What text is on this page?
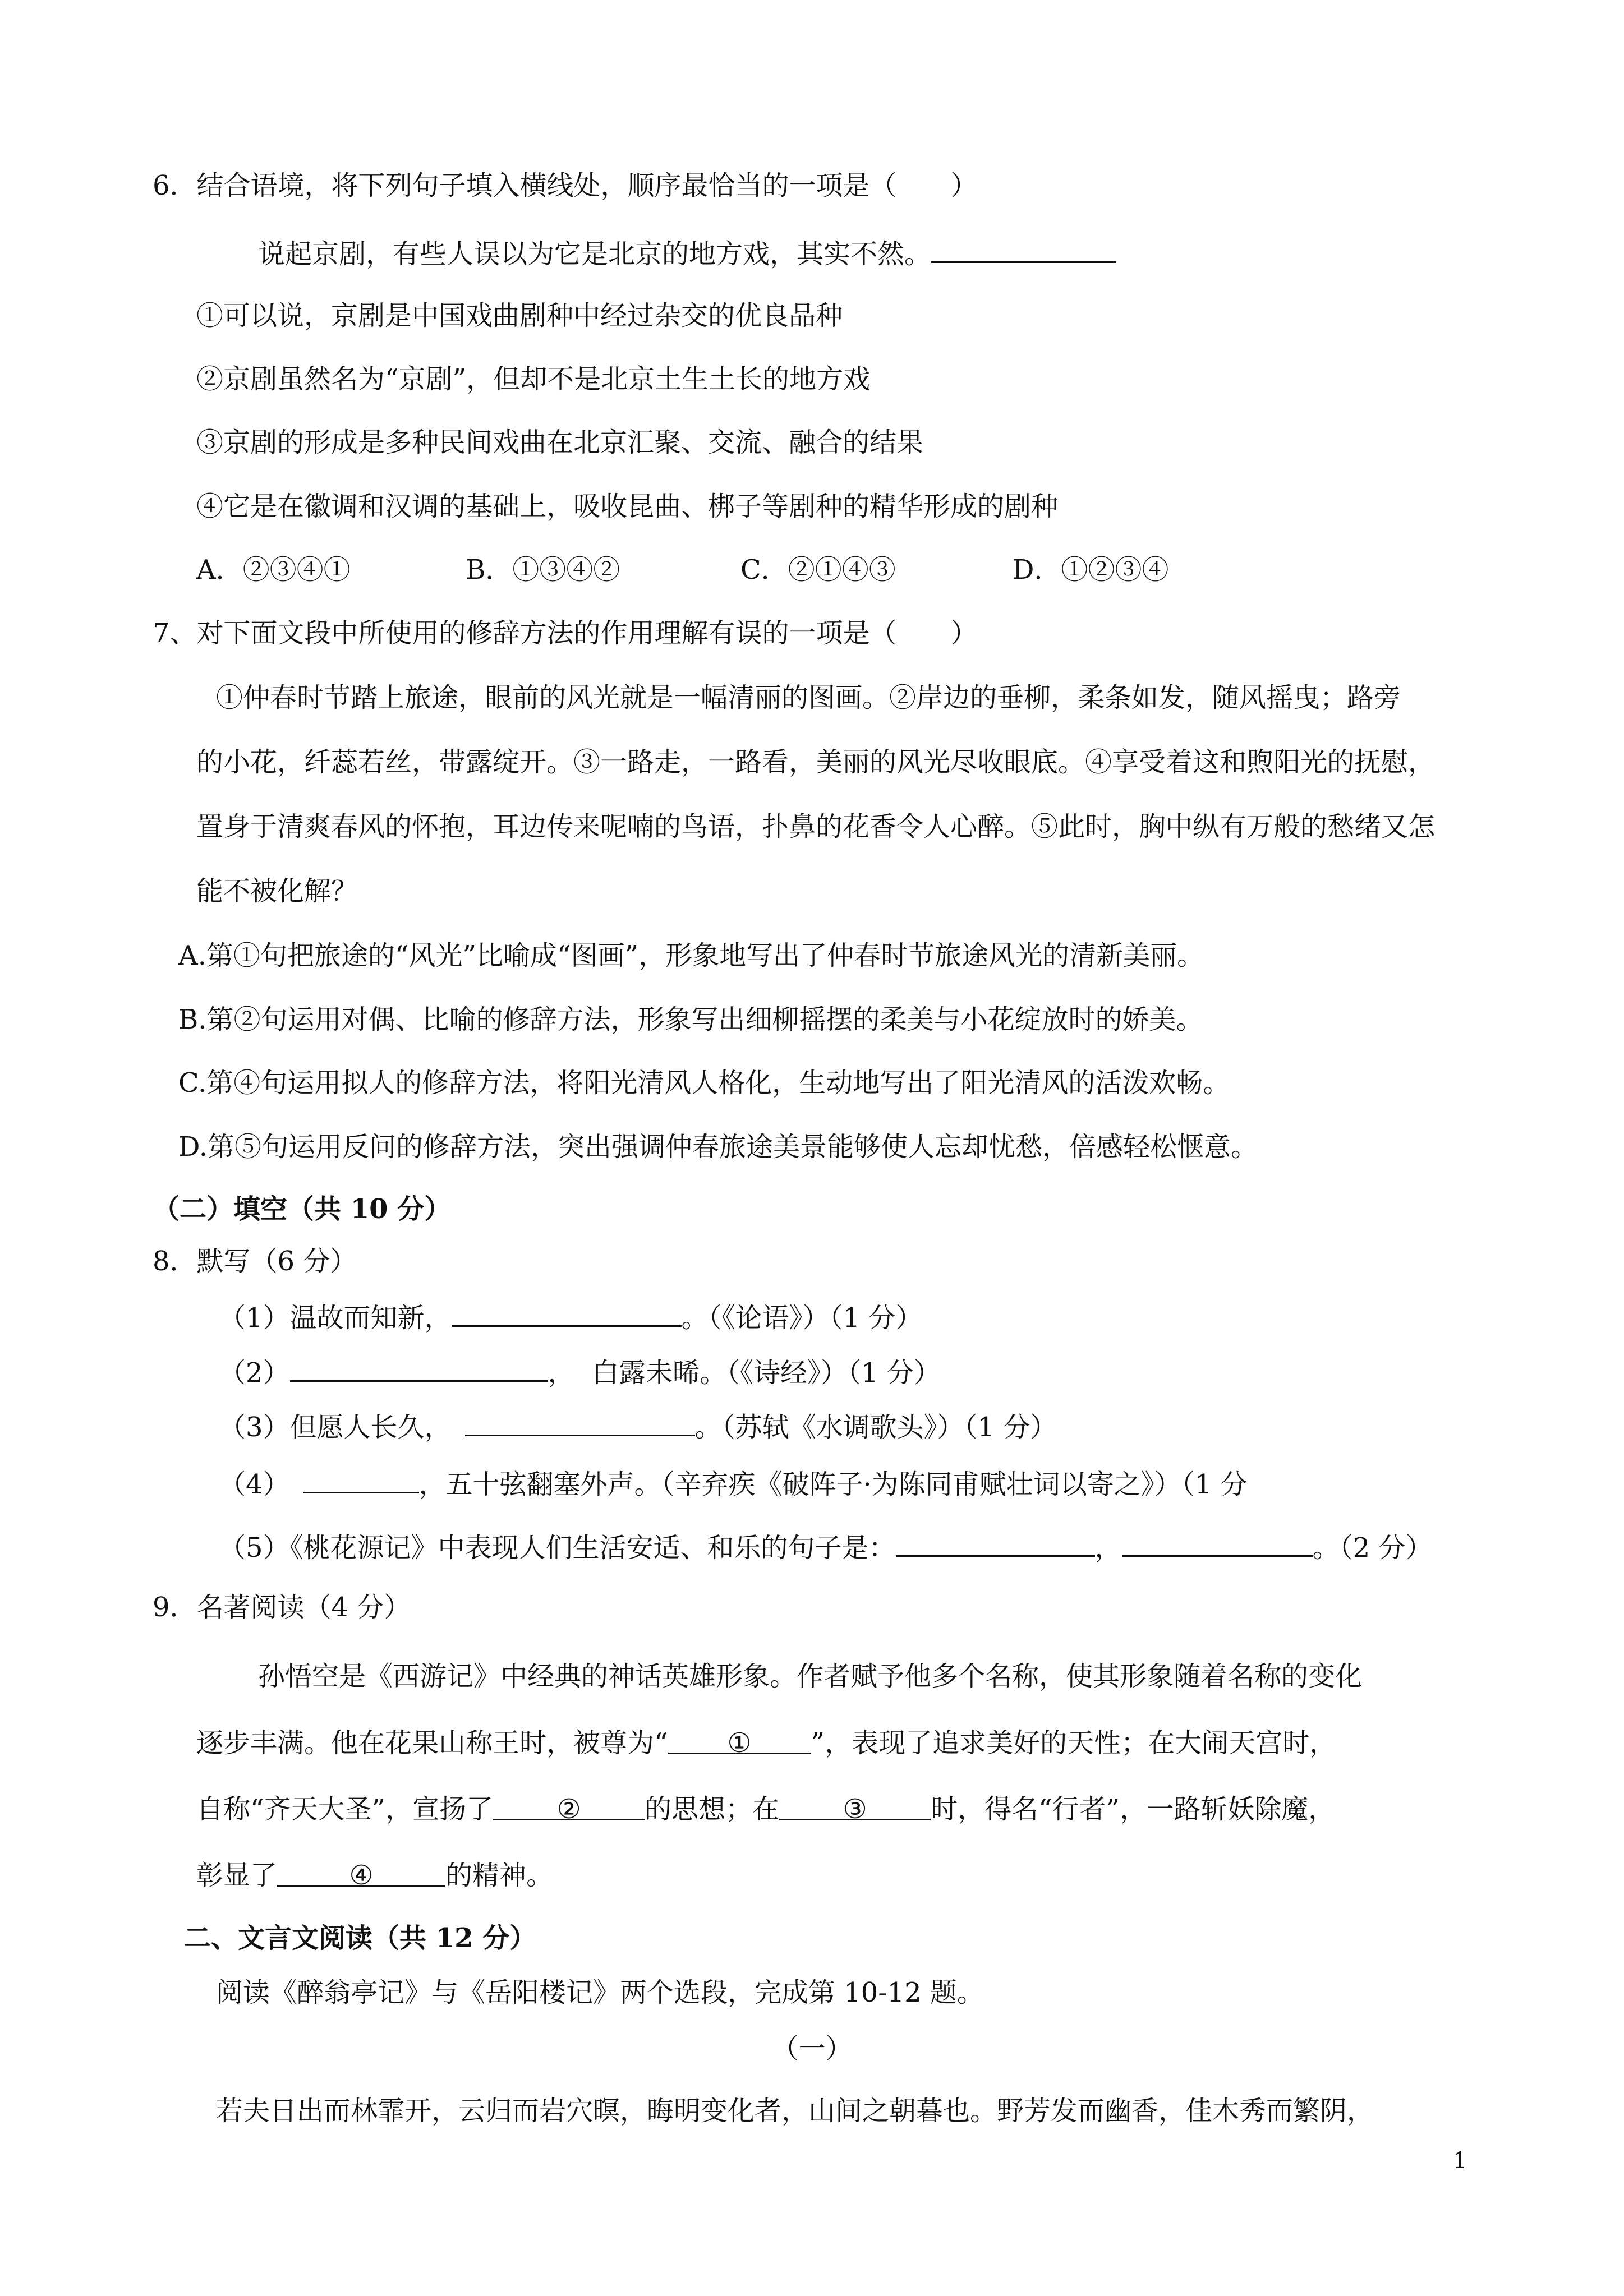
6．结合语境，将下列句子填入横线处，顺序最恰当的一项是（　　）
说起京剧，有些人误以为它是北京的地方戏，其实不然。
①可以说，京剧是中国戏曲剧种中经过杂交的优良品种
②京剧虽然名为“京剧”，但却不是北京土生土长的地方戏
③京剧的形成是多种民间戏曲在北京汇聚、交流、融合的结果
④它是在徽调和汉调的基础上，吸收昆曲、梆子等剧种的精华形成的剧种
A．②③④①	B．①③④②	C．②①④③	D．①②③④
7、对下面文段中所使用的修辞方法的作用理解有误的一项是（　　）
①仲春时节踏上旅途，眼前的风光就是一幅清丽的图画。②岸边的垂柳，柔条如发，随风摇曳；路旁
的小花，纤蕊若丝，带露绽开。③一路走，一路看，美丽的风光尽收眼底。④享受着这和煦阳光的抚慰，
置身于清爽春风的怀抱，耳边传来呢喃的鸟语，扑鼻的花香令人心醉。⑤此时，胸中纵有万般的愁绪又怎
能不被化解？
A.第①句把旅途的“风光”比喻成“图画”，形象地写出了仲春时节旅途风光的清新美丽。
B.第②句运用对偶、比喻的修辞方法，形象写出细柳摇摆的柔美与小花绽放时的娇美。
C.第④句运用拟人的修辞方法，将阳光清风人格化，生动地写出了阳光清风的活泼欢畅。
D.第⑤句运用反问的修辞方法，突出强调仲春旅途美景能够使人忘却忧愁，倍感轻松惬意。
（二）填空（共 10 分）
8．默写（6 分）
（1）温故而知新，	。（《论语》）（1 分）
（2）	，  白露未晞。（《诗经》）（1 分）
（3）但愿人长久，	。（苏轼《水调歌头》）（1 分）
（4）	，五十弦翻塞外声。（辛弃疾《破阵子·为陈同甫赋壮词以寄之》）（1 分
（5）《桃花源记》中表现人们生活安适、和乐的句子是：	，	。（2 分）
9．名著阅读（4 分）
孙悟空是《西游记》中经典的神话英雄形象。作者赋予他多个名称，使其形象随着名称的变化
逐步丰满。他在花果山称王时，被尊为“ ① ”，表现了追求美好的天性；在大闹天宫时，
自称“齐天大圣”，宣扬了 ② 的思想；在 ③ 时，得名“行者”，一路斩妖除魔，
彰显了	④	的精神。
二、文言文阅读（共 12 分）
阅读《醉翁亭记》与《岳阳楼记》两个选段，完成第 10-12 题。
（一）
若夫日出而林霏开，云归而岩穴暝，晦明变化者，山间之朝暮也。野芳发而幽香，佳木秀而繁阴，
1
